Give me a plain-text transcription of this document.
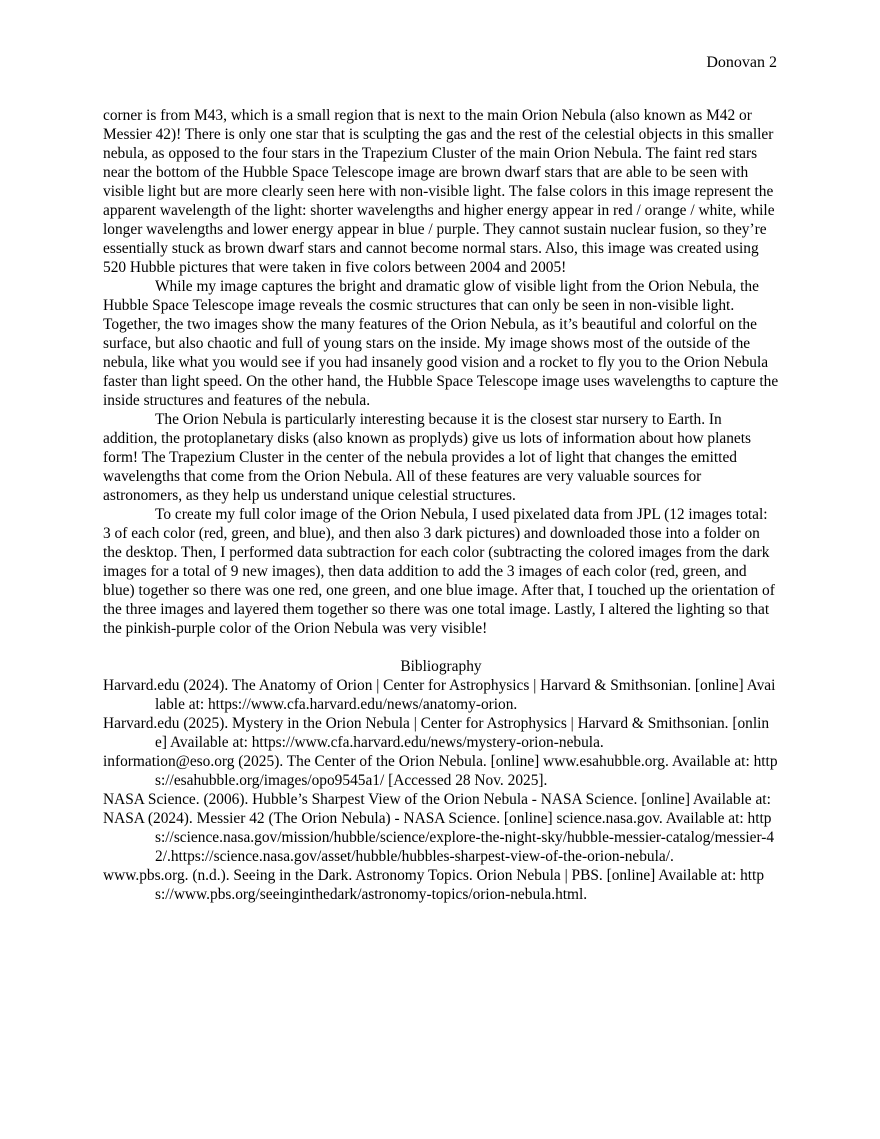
Donovan 2

corner is from M43, which is a small region that is next to the main Orion Nebula (also known as M42 or Messier 42)! There is only one star that is sculpting the gas and the rest of the celestial objects in this smaller nebula, as opposed to the four stars in the Trapezium Cluster of the main Orion Nebula. The faint red stars near the bottom of the Hubble Space Telescope image are brown dwarf stars that are able to be seen with visible light but are more clearly seen here with non-visible light. The false colors in this image represent the apparent wavelength of the light: shorter wavelengths and higher energy appear in red / orange / white, while longer wavelengths and lower energy appear in blue / purple. They cannot sustain nuclear fusion, so they’re essentially stuck as brown dwarf stars and cannot become normal stars. Also, this image was created using 520 Hubble pictures that were taken in five colors between 2004 and 2005!

While my image captures the bright and dramatic glow of visible light from the Orion Nebula, the Hubble Space Telescope image reveals the cosmic structures that can only be seen in non-visible light. Together, the two images show the many features of the Orion Nebula, as it’s beautiful and colorful on the surface, but also chaotic and full of young stars on the inside. My image shows most of the outside of the nebula, like what you would see if you had insanely good vision and a rocket to fly you to the Orion Nebula faster than light speed. On the other hand, the Hubble Space Telescope image uses wavelengths to capture the inside structures and features of the nebula.

The Orion Nebula is particularly interesting because it is the closest star nursery to Earth. In addition, the protoplanetary disks (also known as proplyds) give us lots of information about how planets form! The Trapezium Cluster in the center of the nebula provides a lot of light that changes the emitted wavelengths that come from the Orion Nebula. All of these features are very valuable sources for astronomers, as they help us understand unique celestial structures.

To create my full color image of the Orion Nebula, I used pixelated data from JPL (12 images total: 3 of each color (red, green, and blue), and then also 3 dark pictures) and downloaded those into a folder on the desktop. Then, I performed data subtraction for each color (subtracting the colored images from the dark images for a total of 9 new images), then data addition to add the 3 images of each color (red, green, and blue) together so there was one red, one green, and one blue image. After that, I touched up the orientation of the three images and layered them together so there was one total image. Lastly, I altered the lighting so that the pinkish-purple color of the Orion Nebula was very visible!

Bibliography

Harvard.edu (2024). The Anatomy of Orion | Center for Astrophysics | Harvard & Smithsonian. [online] Available at: https://www.cfa.harvard.edu/news/anatomy-orion.

Harvard.edu (2025). Mystery in the Orion Nebula | Center for Astrophysics | Harvard & Smithsonian. [online] Available at: https://www.cfa.harvard.edu/news/mystery-orion-nebula.

information@eso.org (2025). The Center of the Orion Nebula. [online] www.esahubble.org. Available at: https://esahubble.org/images/opo9545a1/ [Accessed 28 Nov. 2025].

NASA Science. (2006). Hubble’s Sharpest View of the Orion Nebula - NASA Science. [online] Available at:

NASA (2024). Messier 42 (The Orion Nebula) - NASA Science. [online] science.nasa.gov. Available at: https://science.nasa.gov/mission/hubble/science/explore-the-night-sky/hubble-messier-catalog/messier-42/.https://science.nasa.gov/asset/hubble/hubbles-sharpest-view-of-the-orion-nebula/.

www.pbs.org. (n.d.). Seeing in the Dark. Astronomy Topics. Orion Nebula | PBS. [online] Available at: https://www.pbs.org/seeinginthedark/astronomy-topics/orion-nebula.html.
